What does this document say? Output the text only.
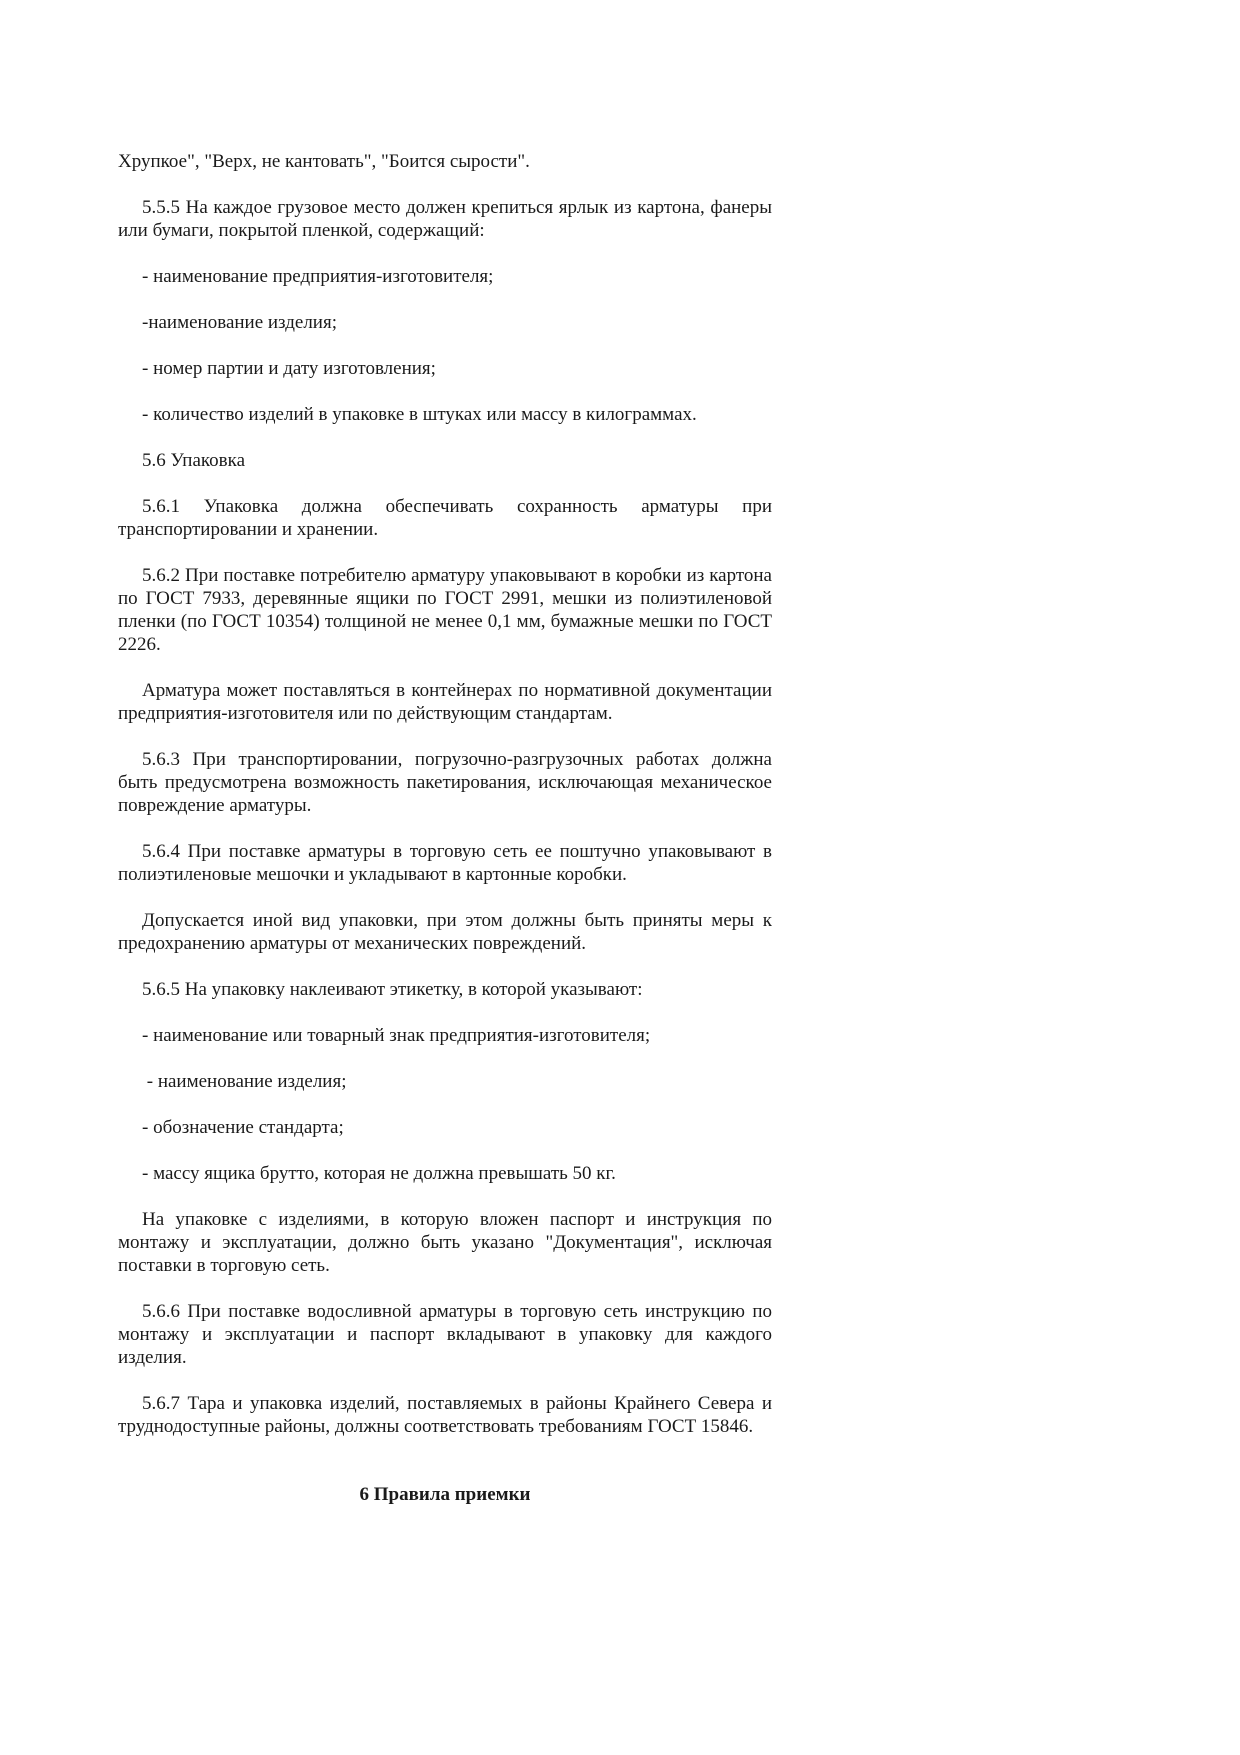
Хрупкое", "Верх, не кантовать", "Боится сырости".

5.5.5 На каждое грузовое место должен крепиться ярлык из картона, фанеры или бумаги, покрытой пленкой, содержащий:

- наименование предприятия-изготовителя;

-наименование изделия;

- номер партии и дату изготовления;

- количество изделий в упаковке в штуках или массу в килограммах.

5.6 Упаковка

5.6.1 Упаковка должна обеспечивать сохранность арматуры при транспортировании и хранении.

5.6.2 При поставке потребителю арматуру упаковывают в коробки из картона по ГОСТ 7933, деревянные ящики по ГОСТ 2991, мешки из полиэтиленовой пленки (по ГОСТ 10354) толщиной не менее 0,1 мм, бумажные мешки по ГОСТ 2226.

Арматура может поставляться в контейнерах по нормативной документации предприятия-изготовителя или по действующим стандартам.

5.6.3 При транспортировании, погрузочно-разгрузочных работах должна быть предусмотрена возможность пакетирования, исключающая механическое повреждение арматуры.

5.6.4 При поставке арматуры в торговую сеть ее поштучно упаковывают в полиэтиленовые мешочки и укладывают в картонные коробки.

Допускается иной вид упаковки, при этом должны быть приняты меры к предохранению арматуры от механических повреждений.

5.6.5 На упаковку наклеивают этикетку, в которой указывают:

- наименование или товарный знак предприятия-изготовителя;

- наименование изделия;

- обозначение стандарта;

- массу ящика брутто, которая не должна превышать 50 кг.

На упаковке с изделиями, в которую вложен паспорт и инструкция по монтажу и эксплуатации, должно быть указано "Документация", исключая поставки в торговую сеть.

5.6.6 При поставке водосливной арматуры в торговую сеть инструкцию по монтажу и эксплуатации и паспорт вкладывают в упаковку для каждого изделия.

5.6.7 Тара и упаковка изделий, поставляемых в районы Крайнего Севера и труднодоступные районы, должны соответствовать требованиям ГОСТ 15846.

6 Правила приемки
